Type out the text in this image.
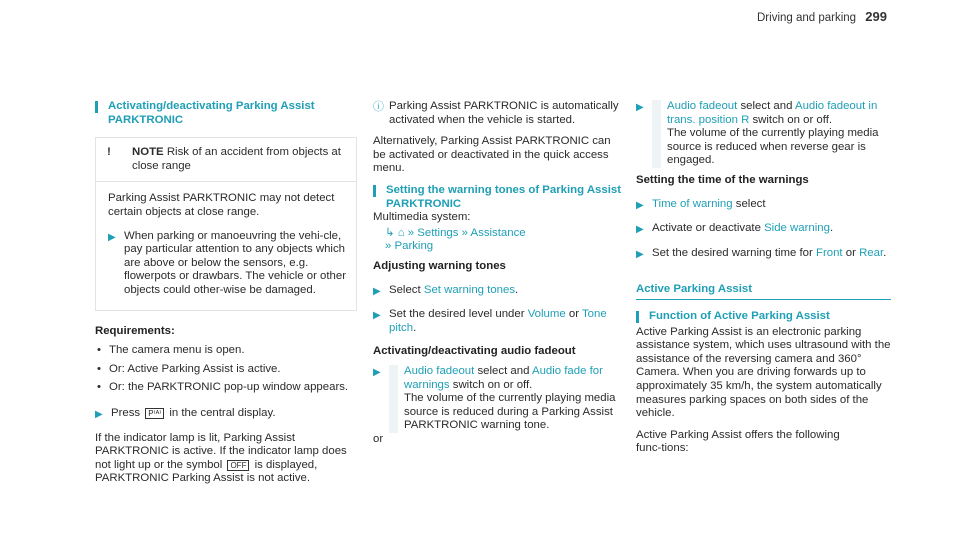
Driving and parking 299
Activating/deactivating Parking Assist
PARKTRONIC
!	NOTE Risk of an accident from objects at close range
Parking Assist PARKTRONIC may not detect certain objects at close range.
▶ When parking or manoeuvring the vehi‑cle, pay particular attention to any objects which are above or below the sensors, e.g. flowerpots or drawbars. The vehicle or other objects could other‑wise be damaged.
Requirements:
• The camera menu is open.
• Or: Active Parking Assist is active.
• Or: the PARKTRONIC pop-up window appears.
▶ Press P⁽ᴬ⁾ in the central display.
If the indicator lamp is lit, Parking Assist PARKTRONIC is active. If the indicator lamp does not light up or the symbol OFF is displayed, PARKTRONIC Parking Assist is not active.
ⓘ Parking Assist PARKTRONIC is automatically activated when the vehicle is started.
Alternatively, Parking Assist PARKTRONIC can be activated or deactivated in the quick access menu.
Setting the warning tones of Parking Assist
PARKTRONIC
Multimedia system:
↳ ⌂ » Settings » Assistance
» Parking
Adjusting warning tones
▶ Select Set warning tones.
▶ Set the desired level under Volume or Tone pitch.
Activating/deactivating audio fadeout
▶	Audio fadeout select and Audio fade for warnings switch on or off.
The volume of the currently playing media source is reduced during a Parking Assist PARKTRONIC warning tone.
or
▶	Audio fadeout select and Audio fadeout in trans. position R switch on or off.
The volume of the currently playing media source is reduced when reverse gear is engaged.
Setting the time of the warnings
▶ Time of warning select
▶ Activate or deactivate Side warning.
▶ Set the desired warning time for Front or Rear.
Active Parking Assist
Function of Active Parking Assist
Active Parking Assist is an electronic parking assistance system, which uses ultrasound with the assistance of the reversing camera and 360° Camera. When you are driving forwards up to approximately 35 km/h, the system automatically measures parking spaces on both sides of the vehicle.
Active Parking Assist offers the following func‑tions:
